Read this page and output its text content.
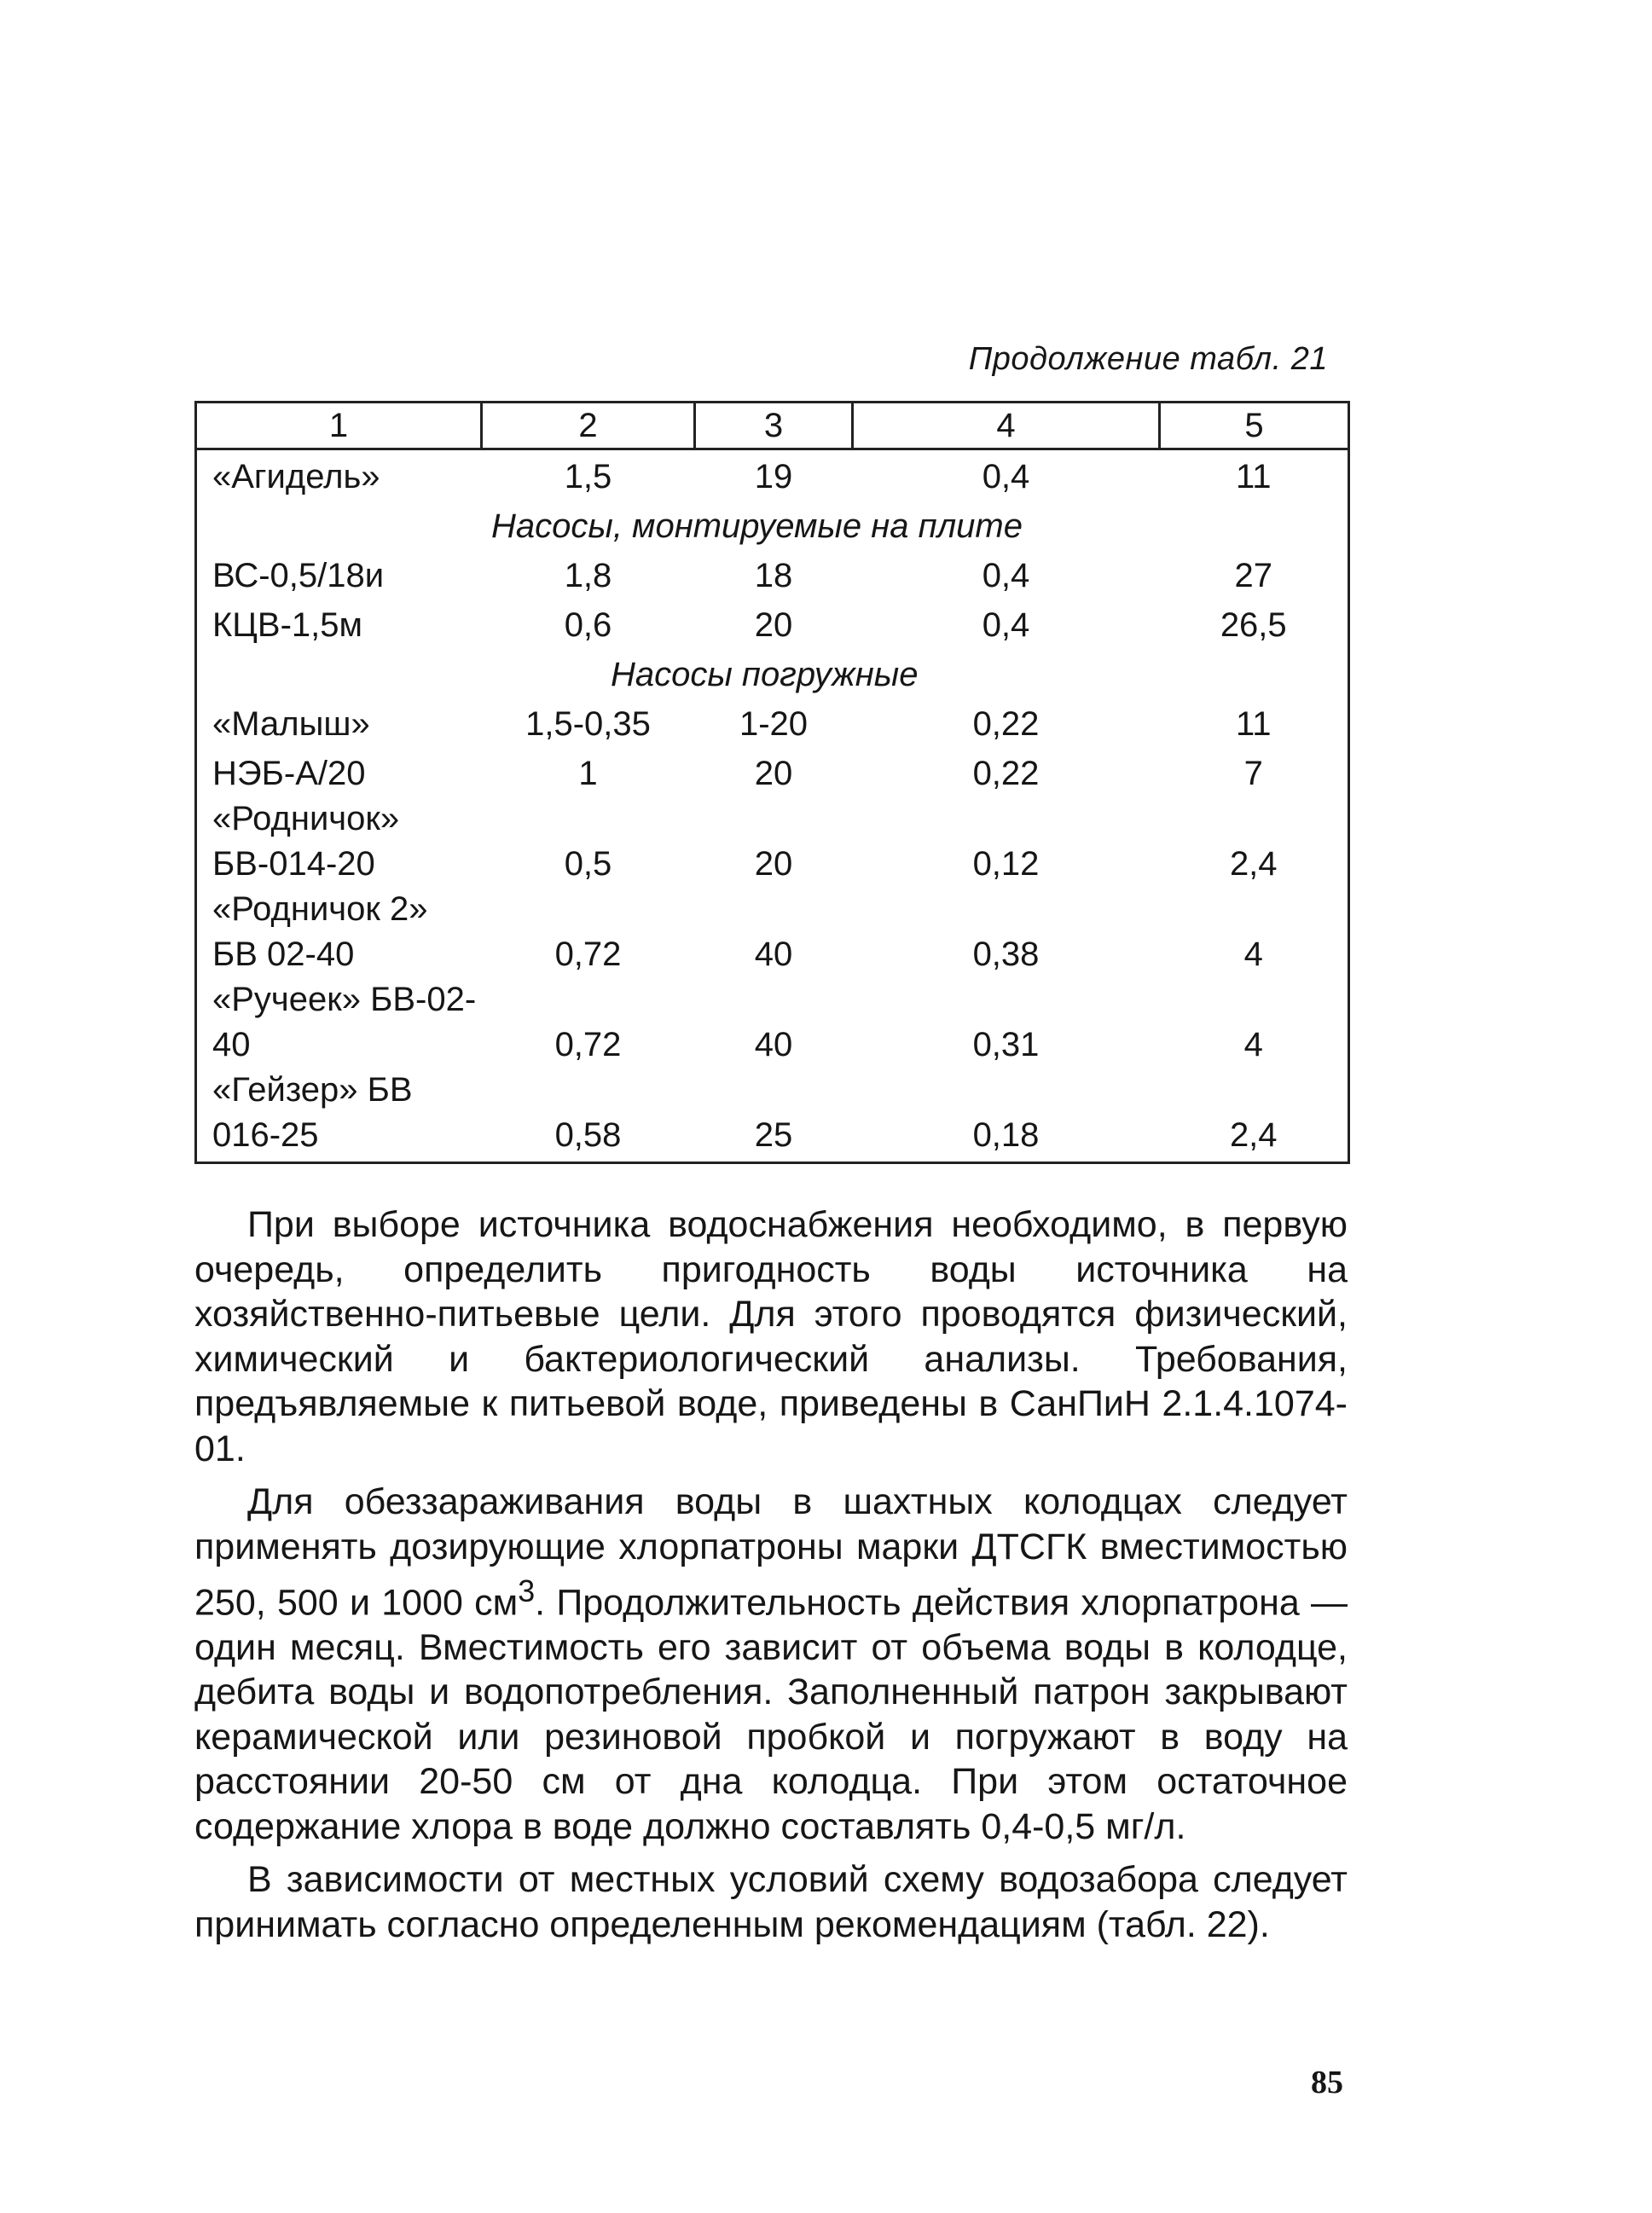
Продолжение табл. 21
1	2	3	4	5
«Агидель»	1,5	19	0,4	11
Насосы, монтируемые на плите				
ВС-0,5/18и	1,8	18	0,4	27
КЦВ-1,5м	0,6	20	0,4	26,5
Насосы погружные				
«Малыш»	1,5-0,35	1-20	0,22	11
НЭБ-А/20	1	20	0,22	7
«Родничок» БВ-014-20	0,5	20	0,12	2,4
«Родничок 2» БВ 02-40	0,72	40	0,38	4
«Ручеек» БВ-02-40	0,72	40	0,31	4
«Гейзер» БВ 016-25	0,58	25	0,18	2,4

При выборе источника водоснабжения необходимо, в первую очередь, определить пригодность воды источника на хозяйственно-питьевые цели. Для этого проводятся физический, химический и бактериологический анализы. Требования, предъявляемые к питьевой воде, приведены в СанПиН 2.1.4.1074-01.

Для обеззараживания воды в шахтных колодцах следует применять дозирующие хлорпатроны марки ДТСГК вместимостью 250, 500 и 1000 $см^3$. Продолжительность действия хлорпатрона — один месяц. Вместимость его зависит от объема воды в колодце, дебита воды и водопотребления. Заполненный патрон закрывают керамической или резиновой пробкой и погружают в воду на расстоянии 20-50 см от дна колодца. При этом остаточное содержание хлора в воде должно составлять 0,4-0,5 мг/л.

В зависимости от местных условий схему водозабора следует принимать согласно определенным рекомендациям (табл. 22).

85
